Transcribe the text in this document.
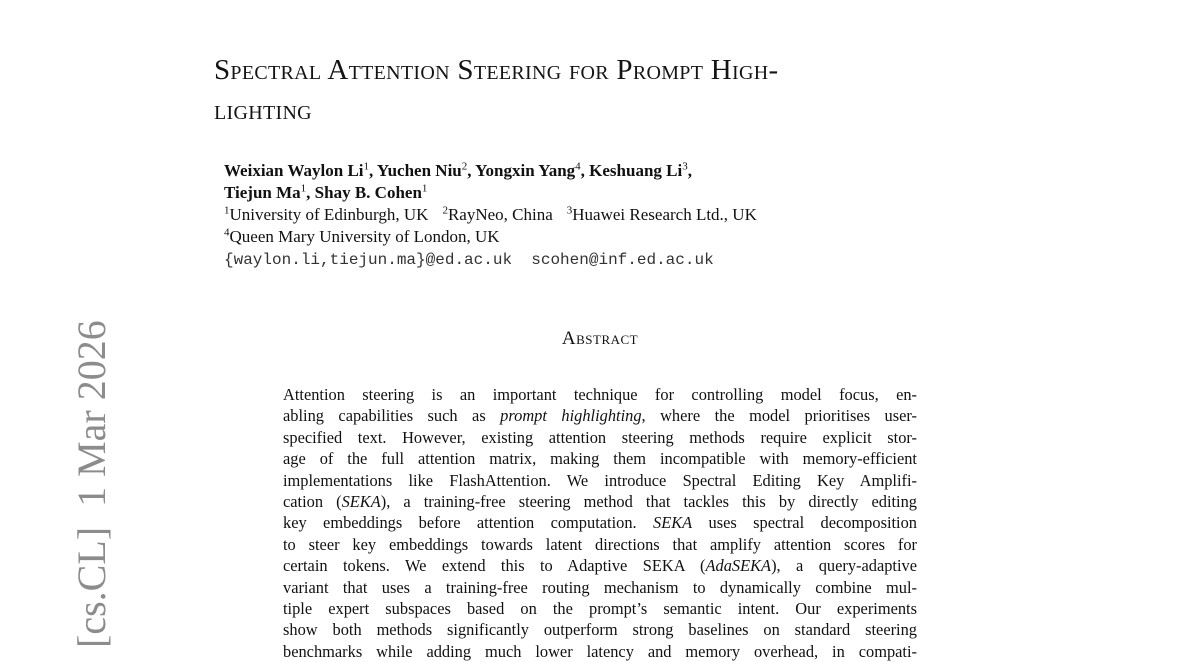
Spectral Attention Steering for Prompt High-
lighting
Weixian Waylon Li$^1$, Yuchen Niu$^2$, Yongxin Yang$^4$, Keshuang Li$^3$,
Tiejun Ma$^1$, Shay B. Cohen$^1$
$^1$University of Edinburgh, UK $^2$RayNeo, China $^3$Huawei Research Ltd., UK
$^4$Queen Mary University of London, UK
{waylon.li,tiejun.ma}@ed.ac.uk  scohen@inf.ed.ac.uk
Abstract
Attention steering is an important technique for controlling model focus, en-
abling capabilities such as prompt highlighting, where the model prioritises user-
specified text. However, existing attention steering methods require explicit stor-
age of the full attention matrix, making them incompatible with memory-efficient
implementations like FlashAttention. We introduce Spectral Editing Key Amplifi-
cation (SEKA), a training-free steering method that tackles this by directly editing
key embeddings before attention computation. SEKA uses spectral decomposition
to steer key embeddings towards latent directions that amplify attention scores for
certain tokens. We extend this to Adaptive SEKA (AdaSEKA), a query-adaptive
variant that uses a training-free routing mechanism to dynamically combine mul-
tiple expert subspaces based on the prompt’s semantic intent. Our experiments
show both methods significantly outperform strong baselines on standard steering
benchmarks while adding much lower latency and memory overhead, in compati-
[cs.CL]1 Mar 2026
